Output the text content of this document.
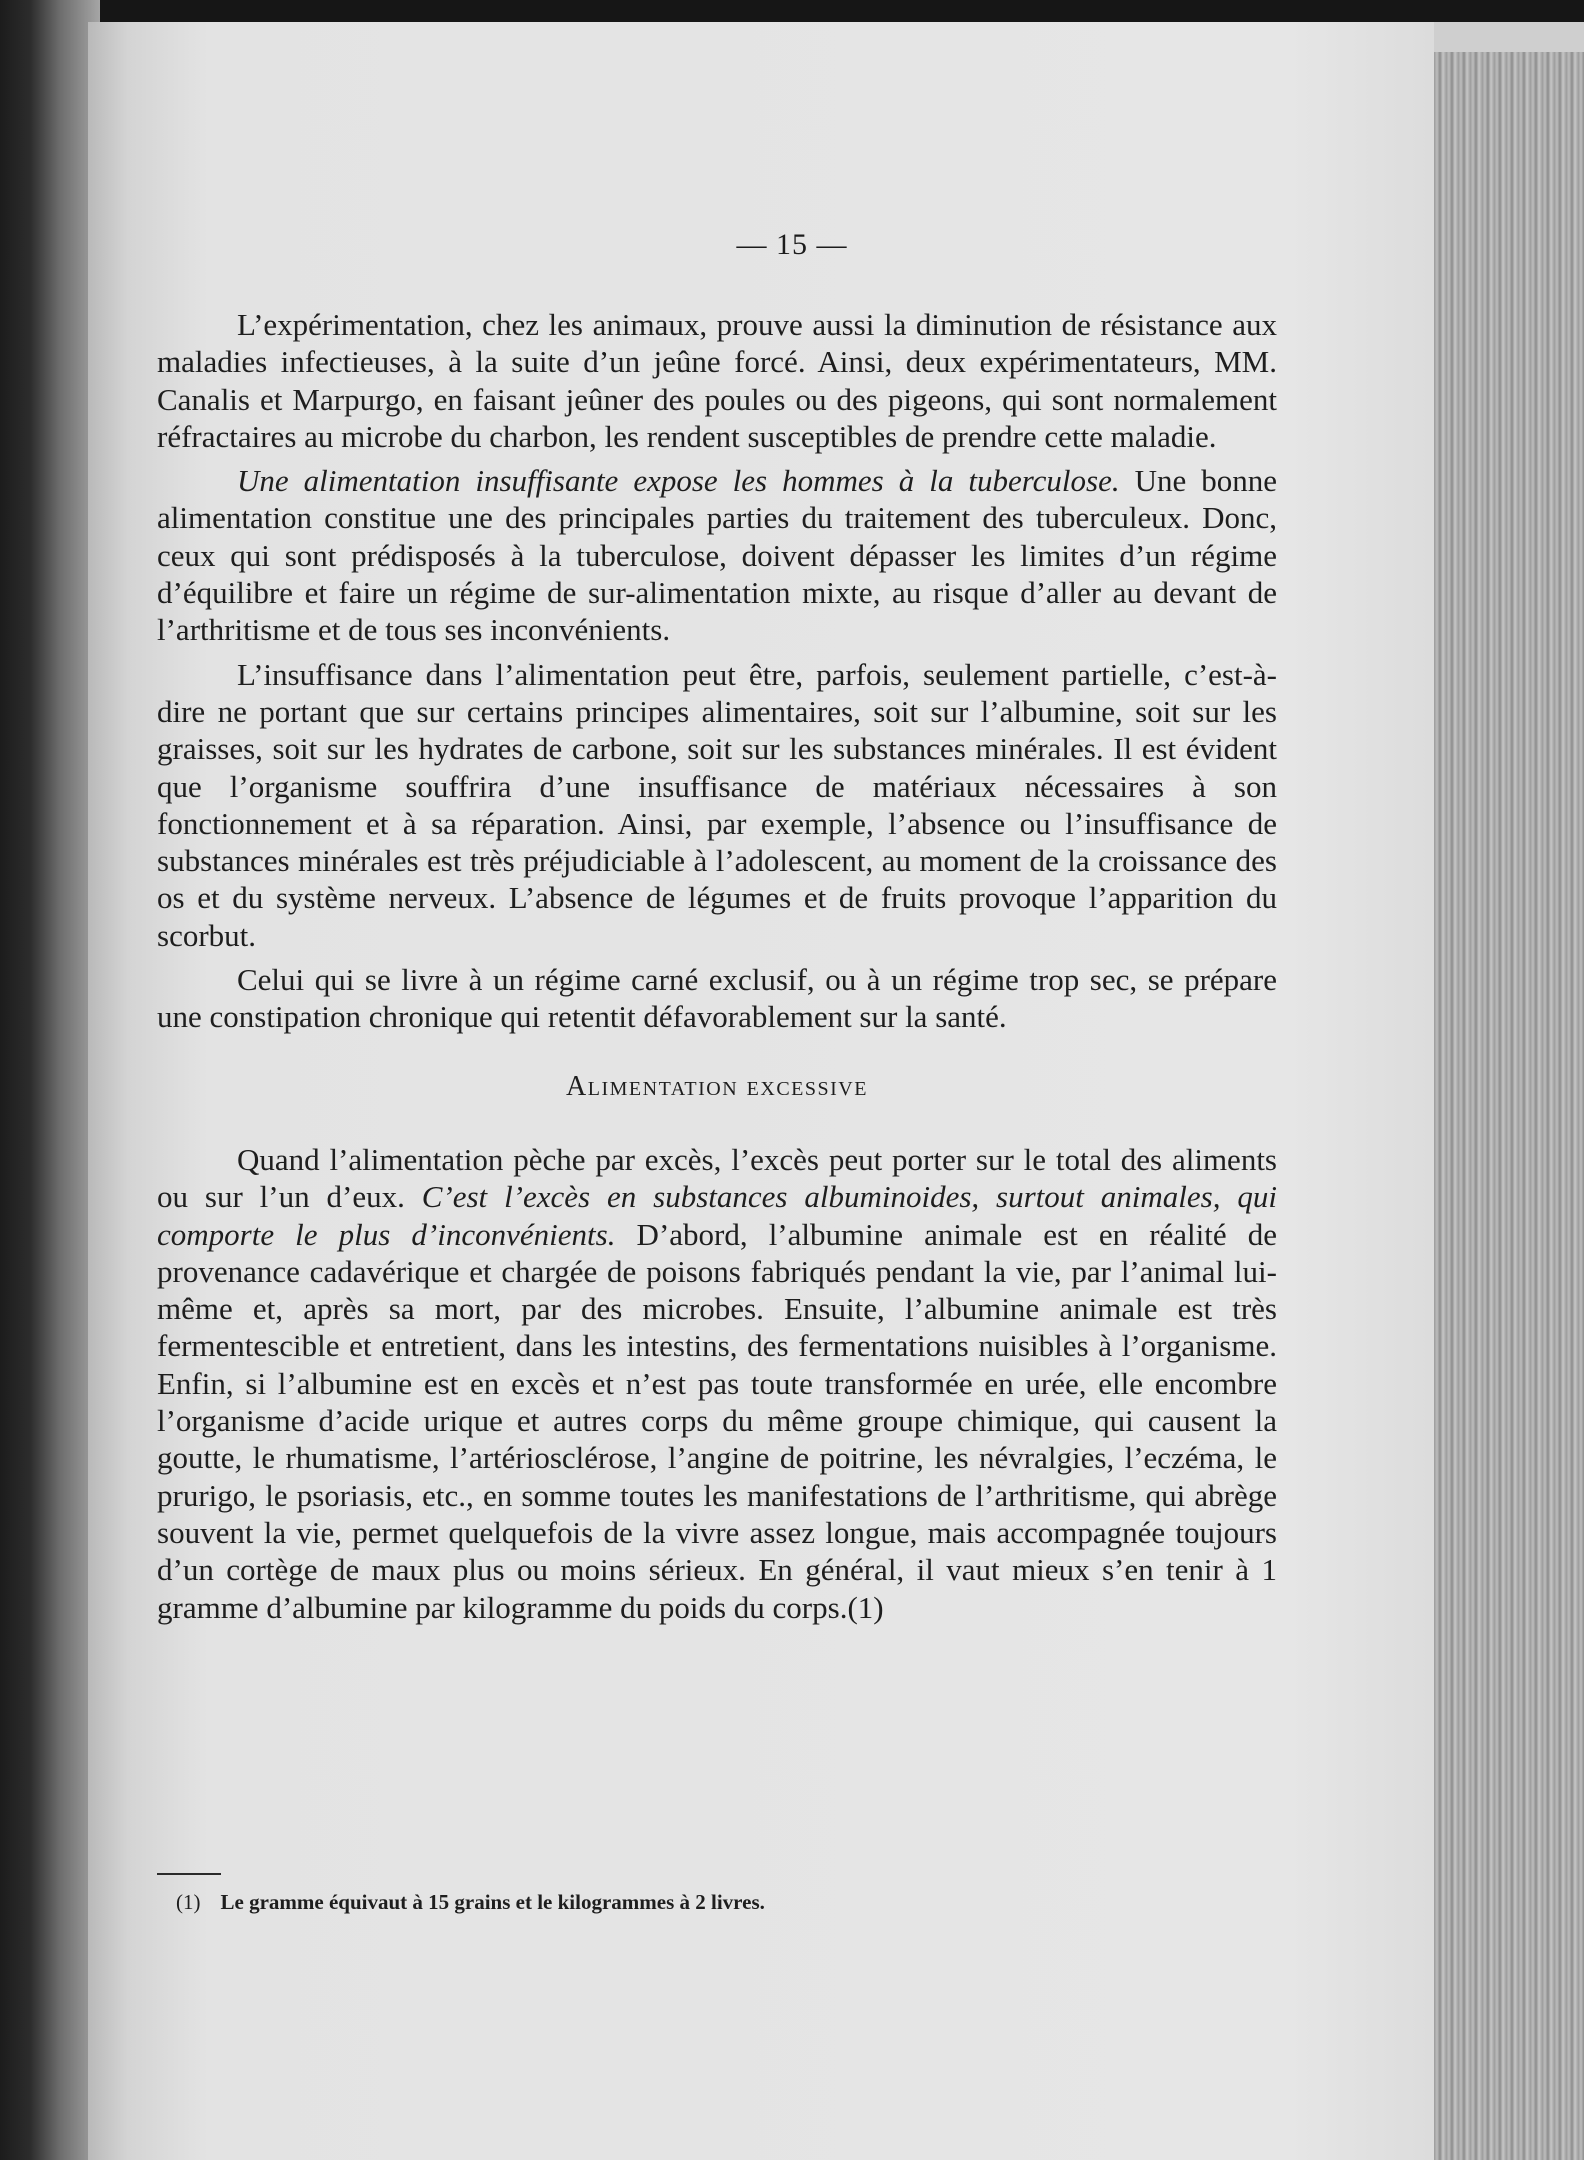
— 15 —

L’expérimentation, chez les animaux, prouve aussi la diminution de résistance aux maladies infectieuses, à la suite d’un jeûne forcé. Ainsi, deux expérimentateurs, MM. Canalis et Marpurgo, en faisant jeûner des poules ou des pigeons, qui sont normalement réfractaires au microbe du charbon, les rendent susceptibles de prendre cette maladie.

Une alimentation insuffisante expose les hommes à la tuberculose. Une bonne alimentation constitue une des principales parties du traitement des tuberculeux. Donc, ceux qui sont prédisposés à la tuberculose, doivent dépasser les limites d’un régime d’équilibre et faire un régime de sur-alimentation mixte, au risque d’aller au devant de l’arthritisme et de tous ses inconvénients.

L’insuffisance dans l’alimentation peut être, parfois, seulement partielle, c’est-à-dire ne portant que sur certains principes alimentaires, soit sur l’albumine, soit sur les graisses, soit sur les hydrates de carbone, soit sur les substances minérales. Il est évident que l’organisme souffrira d’une insuffisance de matériaux nécessaires à son fonctionnement et à sa réparation. Ainsi, par exemple, l’absence ou l’insuffisance de substances minérales est très préjudiciable à l’adolescent, au moment de la croissance des os et du système nerveux. L’absence de légumes et de fruits provoque l’apparition du scorbut.

Celui qui se livre à un régime carné exclusif, ou à un régime trop sec, se prépare une constipation chronique qui retentit défavorablement sur la santé.

Alimentation excessive

Quand l’alimentation pèche par excès, l’excès peut porter sur le total des aliments ou sur l’un d’eux. C’est l’excès en substances albuminoides, surtout animales, qui comporte le plus d’inconvénients. D’abord, l’albumine animale est en réalité de provenance cadavérique et chargée de poisons fabriqués pendant la vie, par l’animal lui-même et, après sa mort, par des microbes. Ensuite, l’albumine animale est très fermentescible et entretient, dans les intestins, des fermentations nuisibles à l’organisme. Enfin, si l’albumine est en excès et n’est pas toute transformée en urée, elle encombre l’organisme d’acide urique et autres corps du même groupe chimique, qui causent la goutte, le rhumatisme, l’artériosclérose, l’angine de poitrine, les névralgies, l’eczéma, le prurigo, le psoriasis, etc., en somme toutes les manifestations de l’arthritisme, qui abrège souvent la vie, permet quelquefois de la vivre assez longue, mais accompagnée toujours d’un cortège de maux plus ou moins sérieux. En général, il vaut mieux s’en tenir à 1 gramme d’albumine par kilogramme du poids du corps.(1)

(1) Le gramme équivaut à 15 grains et le kilogrammes à 2 livres.
